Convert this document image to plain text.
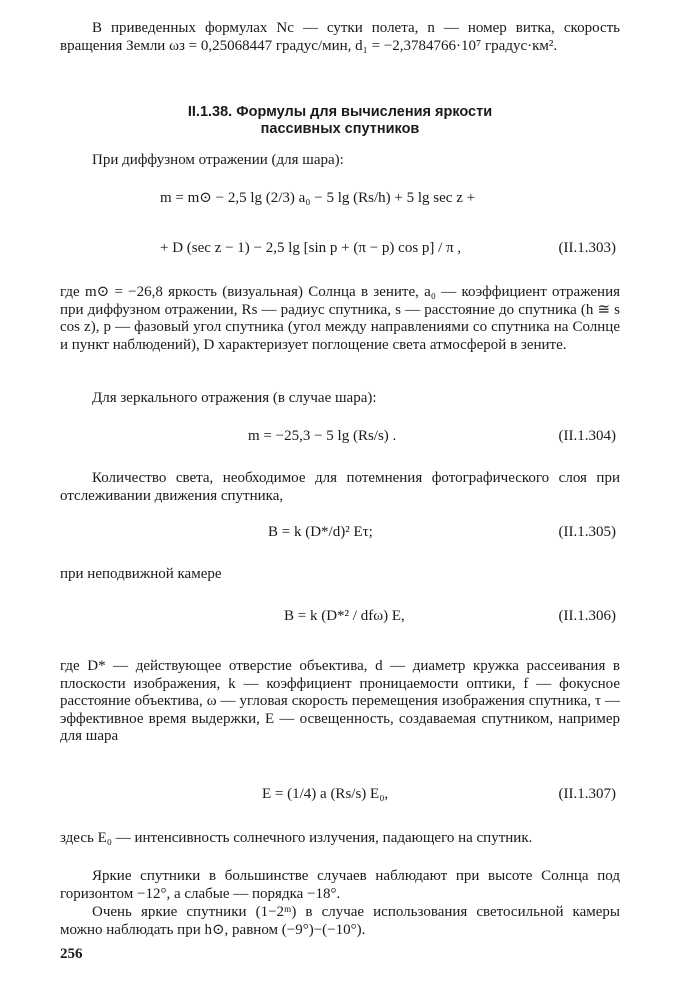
В приведенных формулах Nc — сутки полета, n — номер витка, скорость вращения Земли ωз = 0,25068447 градус/мин, d₁ = −2,3784766·10⁷ градус·км².

II.1.38. Формулы для вычисления яркости
пассивных спутников

При диффузном отражении (для шара):

m = m⊙ − 2,5 lg (2/3) a₀ − 5 lg (Rs/h) + 5 lg sec z +
+ D (sec z − 1) − 2,5 lg [sin p + (π − p) cos p] / π ,	(II.1.303)

где m⊙ = −26,8 яркость (визуальная) Солнца в зените, a₀ — коэффициент отражения при диффузном отражении, Rs — радиус спутника, s — расстояние до спутника (h ≅ s cos z), p — фазовый угол спутника (угол между направлениями со спутника на Солнце и пункт наблюдений), D характеризует поглощение света атмосферой в зените.

Для зеркального отражения (в случае шара):

m = −25,3 − 5 lg (Rs/s) .	(II.1.304)

Количество света, необходимое для потемнения фотографического слоя при отслеживании движения спутника,

B = k (D*/d)² Eτ;	(II.1.305)

при неподвижной камере

B = k (D*² / dfω) E,	(II.1.306)

где D* — действующее отверстие объектива, d — диаметр кружка рассеивания в плоскости изображения, k — коэффициент проницаемости оптики, f — фокусное расстояние объектива, ω — угловая скорость перемещения изображения спутника, τ — эффективное время выдержки, E — освещенность, создаваемая спутником, например для шара

E = (1/4) a (Rs/s) E₀,	(II.1.307)

здесь E₀ — интенсивность солнечного излучения, падающего на спутник.

Яркие спутники в большинстве случаев наблюдают при высоте Солнца под горизонтом −12°, а слабые — порядка −18°.

Очень яркие спутники (1−2ᵐ) в случае использования светосильной камеры можно наблюдать при h⊙, равном (−9°)−(−10°).

256
